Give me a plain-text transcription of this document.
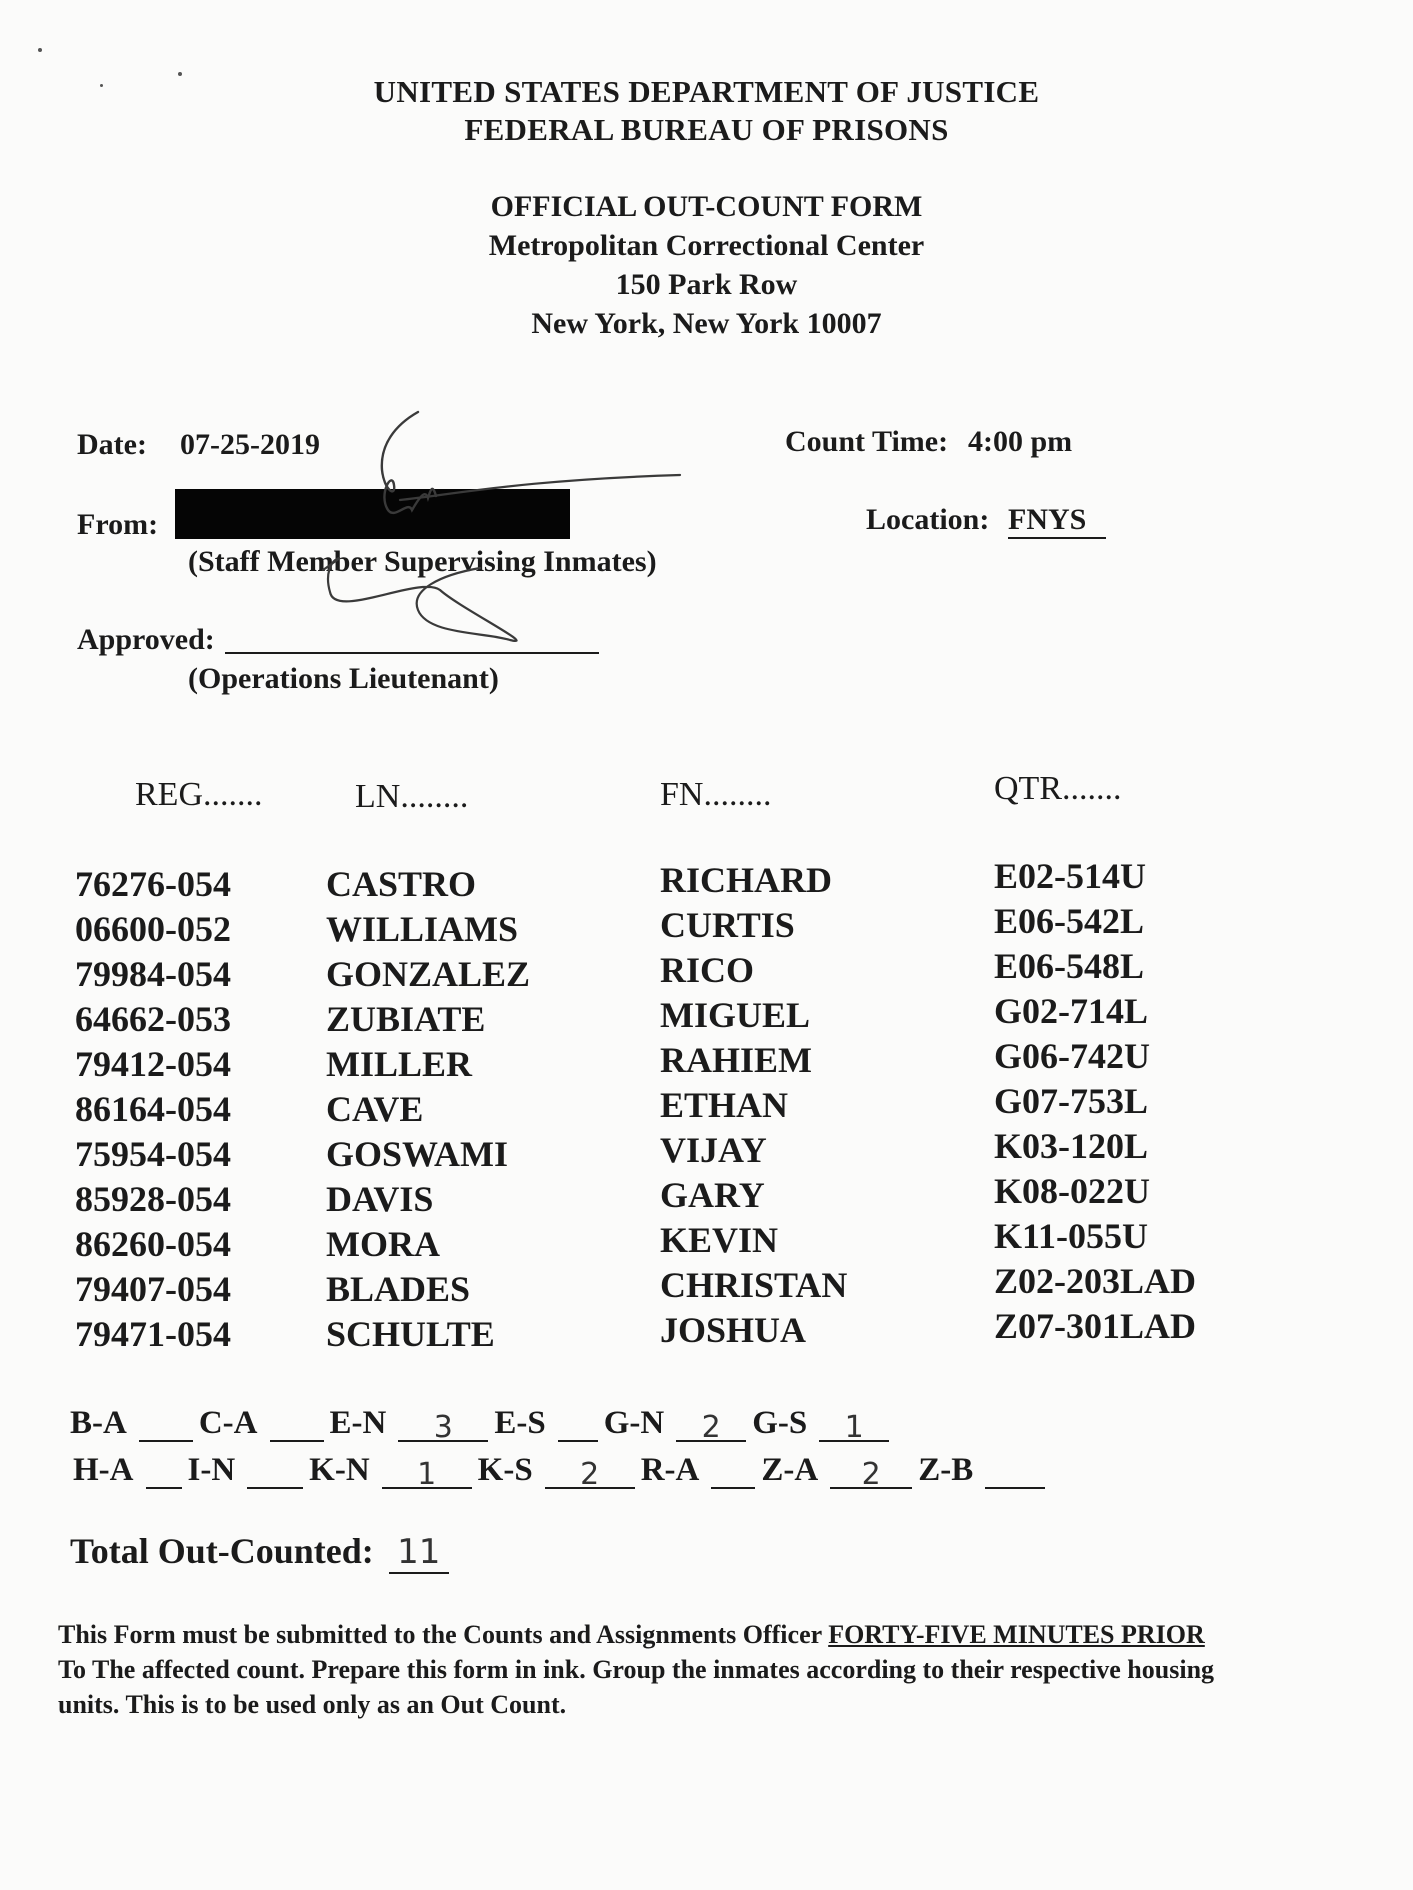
UNITED STATES DEPARTMENT OF JUSTICE
FEDERAL BUREAU OF PRISONS
OFFICIAL OUT-COUNT FORM
Metropolitan Correctional Center
150 Park Row
New York, New York 10007
Date: 07-25-2019	Count Time: 4:00 pm
From:
(Staff Member Supervising Inmates)
Location: FNYS
Approved:
(Operations Lieutenant)
REG.......	LN........	FN........	QTR.......
76276-054	CASTRO	RICHARD	E02-514U
06600-052	WILLIAMS	CURTIS	E06-542L
79984-054	GONZALEZ	RICO	E06-548L
64662-053	ZUBIATE	MIGUEL	G02-714L
79412-054	MILLER	RAHIEM	G06-742U
86164-054	CAVE	ETHAN	G07-753L
75954-054	GOSWAMI	VIJAY	K03-120L
85928-054	DAVIS	GARY	K08-022U
86260-054	MORA	KEVIN	K11-055U
79407-054	BLADES	CHRISTAN	Z02-203LAD
79471-054	SCHULTE	JOSHUA	Z07-301LAD
B-A C-A E-N 3 E-S G-N 2 G-S 1
H-A I-N K-N 1 K-S 2 R-A Z-A 2 Z-B
Total Out-Counted: 11
This Form must be submitted to the Counts and Assignments Officer FORTY-FIVE MINUTES PRIOR
To The affected count. Prepare this form in ink. Group the inmates according to their respective housing
units. This is to be used only as an Out Count.
